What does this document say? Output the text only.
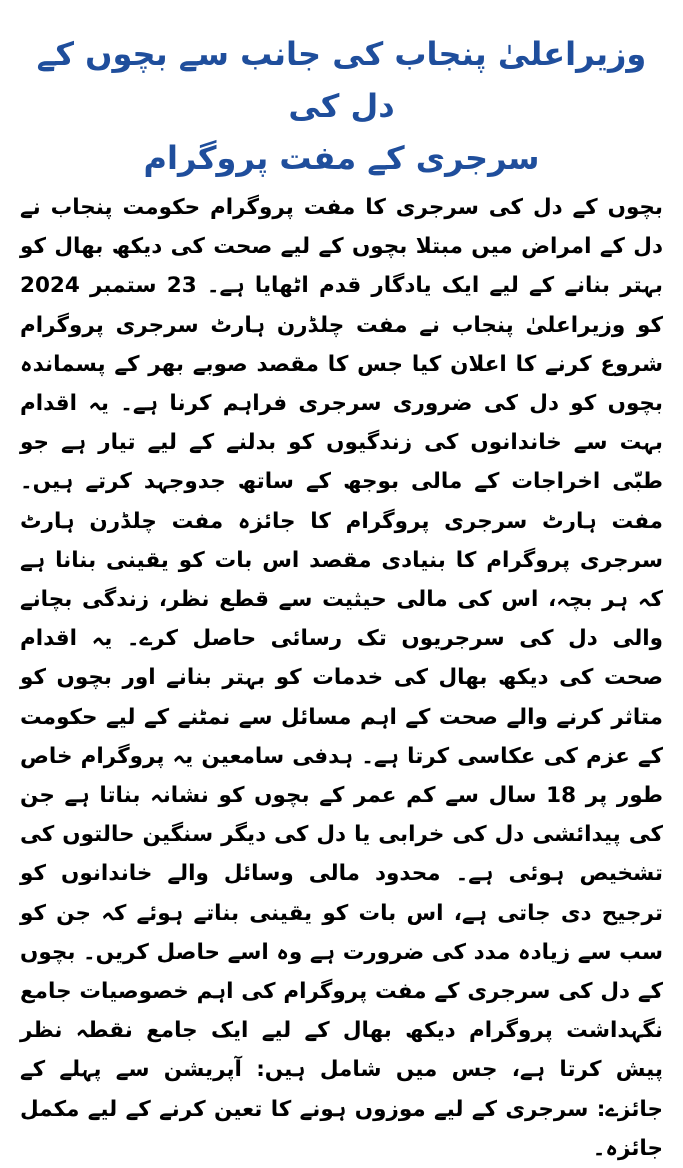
وزیراعلیٰ پنجاب کی جانب سے بچوں کے دل کی
سرجری کے مفت پروگرام

بچوں کے دل کی سرجری کا مفت پروگرام حکومت پنجاب نے دل کے امراض میں مبتلا بچوں کے لیے صحت کی دیکھ بھال کو بہتر بنانے کے لیے ایک یادگار قدم اٹھایا ہے۔ 23 ستمبر 2024 کو وزیراعلیٰ پنجاب نے مفت چلڈرن ہارٹ سرجری پروگرام شروع کرنے کا اعلان کیا جس کا مقصد صوبے بھر کے پسماندہ بچوں کو دل کی ضروری سرجری فراہم کرنا ہے۔ یہ اقدام بہت سے خاندانوں کی زندگیوں کو بدلنے کے لیے تیار ہے جو طبّی اخراجات کے مالی بوجھ کے ساتھ جدوجہد کرتے ہیں۔ مفت ہارٹ سرجری پروگرام کا جائزہ مفت چلڈرن ہارٹ سرجری پروگرام کا بنیادی مقصد اس بات کو یقینی بنانا ہے کہ ہر بچہ، اس کی مالی حیثیت سے قطع نظر، زندگی بچانے والی دل کی سرجریوں تک رسائی حاصل کرے۔ یہ اقدام صحت کی دیکھ بھال کی خدمات کو بہتر بنانے اور بچوں کو متاثر کرنے والے صحت کے اہم مسائل سے نمٹنے کے لیے حکومت کے عزم کی عکاسی کرتا ہے۔ ہدفی سامعین یہ پروگرام خاص طور پر 18 سال سے کم عمر کے بچوں کو نشانہ بناتا ہے جن کی پیدائشی دل کی خرابی یا دل کی دیگر سنگین حالتوں کی تشخیص ہوئی ہے۔ محدود مالی وسائل والے خاندانوں کو ترجیح دی جاتی ہے، اس بات کو یقینی بناتے ہوئے کہ جن کو سب سے زیادہ مدد کی ضرورت ہے وہ اسے حاصل کریں۔ بچوں کے دل کی سرجری کے مفت پروگرام کی اہم خصوصیات جامع نگہداشت پروگرام دیکھ بھال کے لیے ایک جامع نقطہ نظر پیش کرتا ہے، جس میں شامل ہیں: آپریشن سے پہلے کے جائزے: سرجری کے لیے موزوں ہونے کا تعین کرنے کے لیے مکمل جائزہ۔
